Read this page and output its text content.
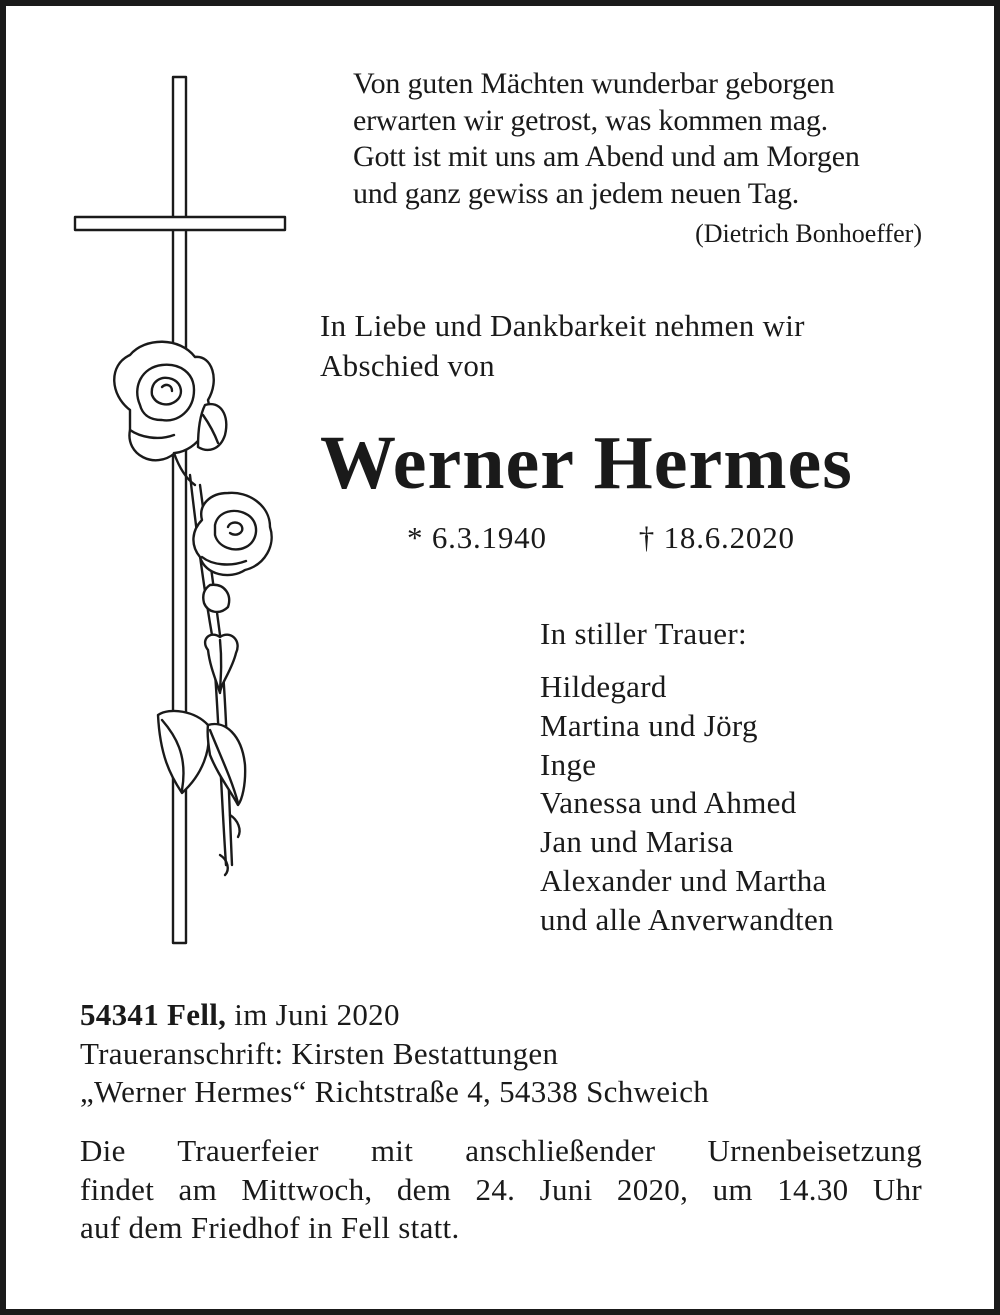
Von guten Mächten wunderbar geborgen
erwarten wir getrost, was kommen mag.
Gott ist mit uns am Abend und am Morgen
und ganz gewiss an jedem neuen Tag.
(Dietrich Bonhoeffer)
In Liebe und Dankbarkeit nehmen wir
Abschied von
Werner Hermes
* 6.3.1940	† 18.6.2020
In stiller Trauer:
Hildegard
Martina und Jörg
Inge
Vanessa und Ahmed
Jan und Marisa
Alexander und Martha
und alle Anverwandten
54341 Fell, im Juni 2020
Traueranschrift: Kirsten Bestattungen
„Werner Hermes“ Richtstraße 4, 54338 Schweich
Die Trauerfeier mit anschließender Urnenbeisetzung
findet am Mittwoch, dem 24. Juni 2020, um 14.30 Uhr
auf dem Friedhof in Fell statt.
